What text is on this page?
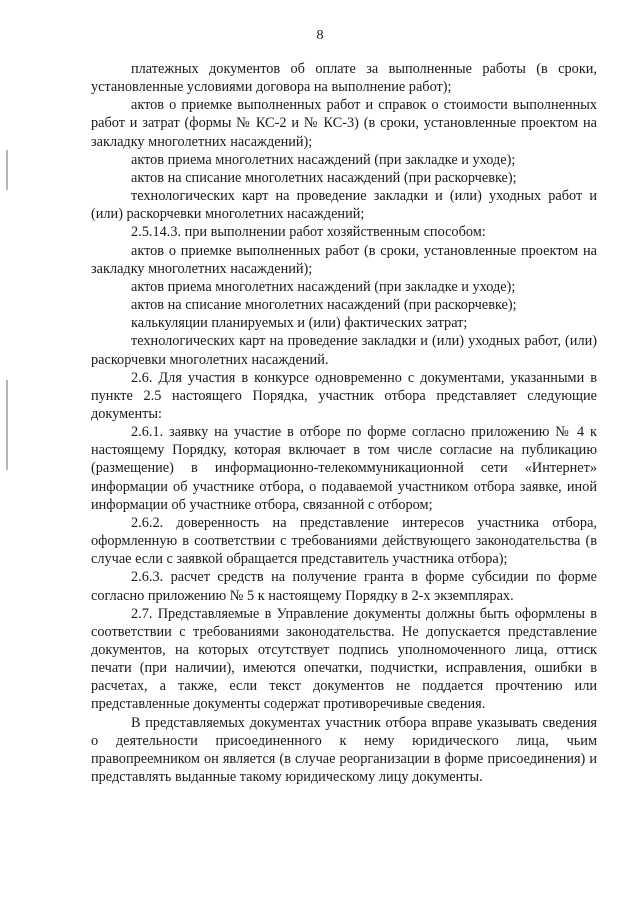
8

платежных документов об оплате за выполненные работы (в сроки, установленные условиями договора на выполнение работ);

актов о приемке выполненных работ и справок о стоимости выполненных работ и затрат (формы № КС-2 и № КС-3) (в сроки, установленные проектом на закладку многолетних насаждений);

актов приема многолетних насаждений (при закладке и уходе);

актов на списание многолетних насаждений (при раскорчевке);

технологических карт на проведение закладки и (или) уходных работ и (или) раскорчевки многолетних насаждений;

2.5.14.3. при выполнении работ хозяйственным способом:

актов о приемке выполненных работ (в сроки, установленные проектом на закладку многолетних насаждений);

актов приема многолетних насаждений (при закладке и уходе);

актов на списание многолетних насаждений (при раскорчевке);

калькуляции планируемых и (или) фактических затрат;

технологических карт на проведение закладки и (или) уходных работ, (или) раскорчевки многолетних насаждений.

2.6. Для участия в конкурсе одновременно с документами, указанными в пункте 2.5 настоящего Порядка, участник отбора представляет следующие документы:

2.6.1. заявку на участие в отборе по форме согласно приложению № 4 к настоящему Порядку, которая включает в том числе согласие на публикацию (размещение) в информационно-телекоммуникационной сети «Интернет» информации об участнике отбора, о подаваемой участником отбора заявке, иной информации об участнике отбора, связанной с отбором;

2.6.2. доверенность на представление интересов участника отбора, оформленную в соответствии с требованиями действующего законодательства (в случае если с заявкой обращается представитель участника отбора);

2.6.3. расчет средств на получение гранта в форме субсидии по форме согласно приложению № 5 к настоящему Порядку в 2-х экземплярах.

2.7. Представляемые в Управление документы должны быть оформлены в соответствии с требованиями законодательства. Не допускается представление документов, на которых отсутствует подпись уполномоченного лица, оттиск печати (при наличии), имеются опечатки, подчистки, исправления, ошибки в расчетах, а также, если текст документов не поддается прочтению или представленные документы содержат противоречивые сведения.

В представляемых документах участник отбора вправе указывать сведения о деятельности присоединенного к нему юридического лица, чьим правопреемником он является (в случае реорганизации в форме присоединения) и представлять выданные такому юридическому лицу документы.
